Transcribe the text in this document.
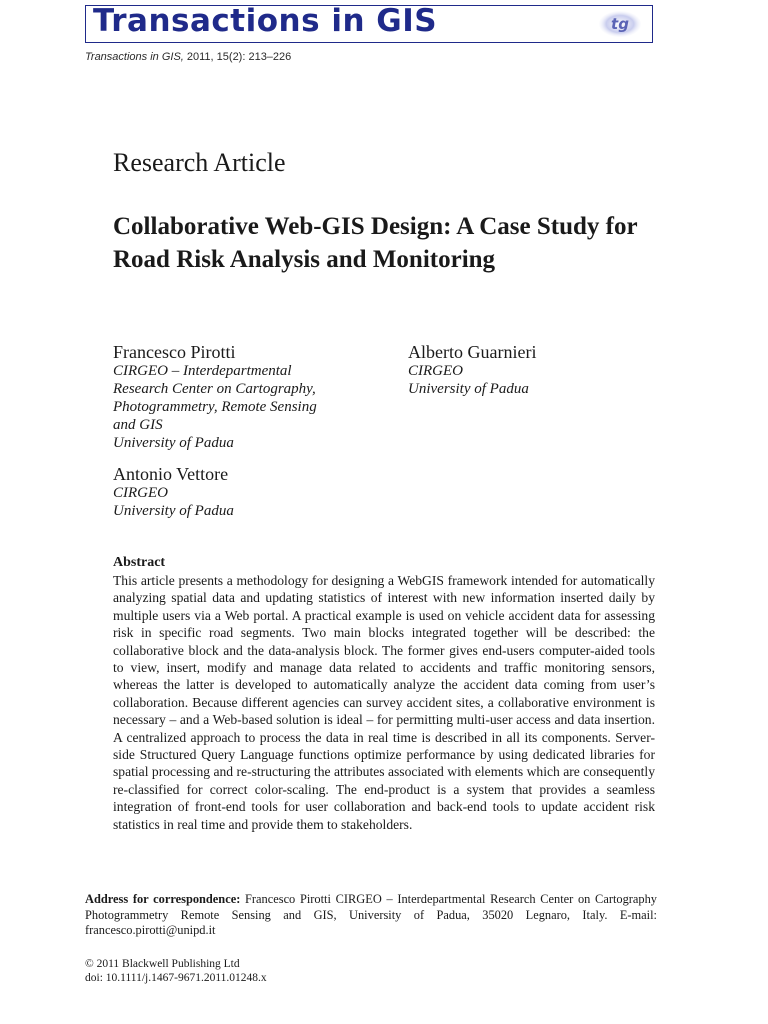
Transactions in GIS	tg
Transactions in GIS, 2011, 15(2): 213–226
Research Article
Collaborative Web-GIS Design: A Case Study for Road Risk Analysis and Monitoring
Francesco Pirotti
CIRGEO – Interdepartmental
Research Center on Cartography,
Photogrammetry, Remote Sensing
and GIS
University of Padua
Alberto Guarnieri
CIRGEO
University of Padua
Antonio Vettore
CIRGEO
University of Padua
Abstract

This article presents a methodology for designing a WebGIS framework intended for automatically analyzing spatial data and updating statistics of interest with new information inserted daily by multiple users via a Web portal. A practical example is used on vehicle accident data for assessing risk in specific road segments. Two main blocks integrated together will be described: the collaborative block and the data-analysis block. The former gives end-users computer-aided tools to view, insert, modify and manage data related to accidents and traffic monitoring sensors, whereas the latter is developed to automatically analyze the accident data coming from user’s collaboration. Because different agencies can survey accident sites, a collaborative environment is necessary – and a Web-based solution is ideal – for permitting multi-user access and data insertion. A centralized approach to process the data in real time is described in all its components. Server-side Structured Query Language functions optimize performance by using dedicated libraries for spatial processing and re-structuring the attributes associated with elements which are consequently re-classified for correct color-scaling. The end-product is a system that provides a seamless integration of front-end tools for user collaboration and back-end tools to update accident risk statistics in real time and provide them to stakeholders.

Address for correspondence: Francesco Pirotti CIRGEO – Interdepartmental Research Center on Cartography Photogrammetry Remote Sensing and GIS, University of Padua, 35020 Legnaro, Italy. E-mail: francesco.pirotti@unipd.it
© 2011 Blackwell Publishing Ltd
doi: 10.1111/j.1467-9671.2011.01248.x
